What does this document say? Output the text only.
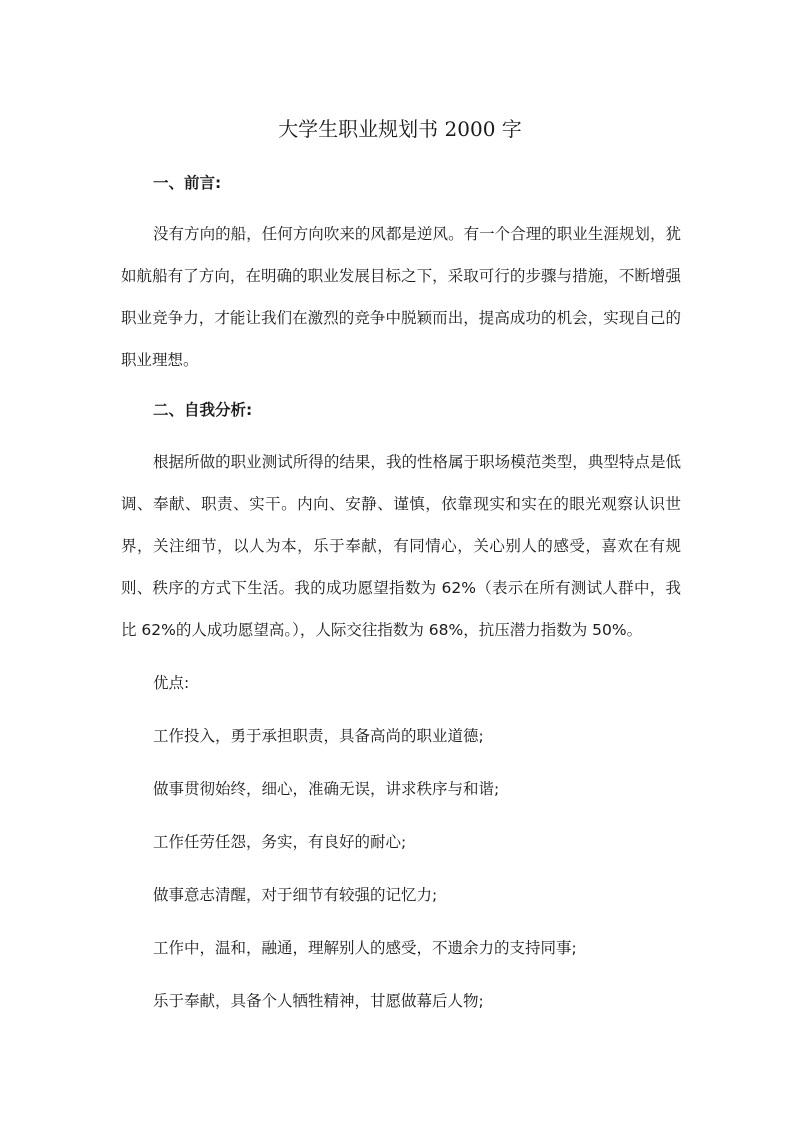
大学生职业规划书 2000 字
一、前言:

没有方向的船，任何方向吹来的风都是逆风。有一个合理的职业生涯规划，犹如航船有了方向，在明确的职业发展目标之下，采取可行的步骤与措施，不断增强职业竞争力，才能让我们在激烈的竞争中脱颖而出，提高成功的机会，实现自己的职业理想。

二、自我分析:

根据所做的职业测试所得的结果，我的性格属于职场模范类型，典型特点是低调、奉献、职责、实干。内向、安静、谨慎，依靠现实和实在的眼光观察认识世界，关注细节，以人为本，乐于奉献，有同情心，关心别人的感受，喜欢在有规则、秩序的方式下生活。我的成功愿望指数为 62%（表示在所有测试人群中，我比 62%的人成功愿望高。），人际交往指数为 68%，抗压潜力指数为 50%。

优点:

工作投入，勇于承担职责，具备高尚的职业道德;

做事贯彻始终，细心，准确无误，讲求秩序与和谐;

工作任劳任怨，务实，有良好的耐心;

做事意志清醒，对于细节有较强的记忆力;

工作中，温和，融通，理解别人的感受，不遗余力的支持同事;

乐于奉献，具备个人牺牲精神，甘愿做幕后人物;
